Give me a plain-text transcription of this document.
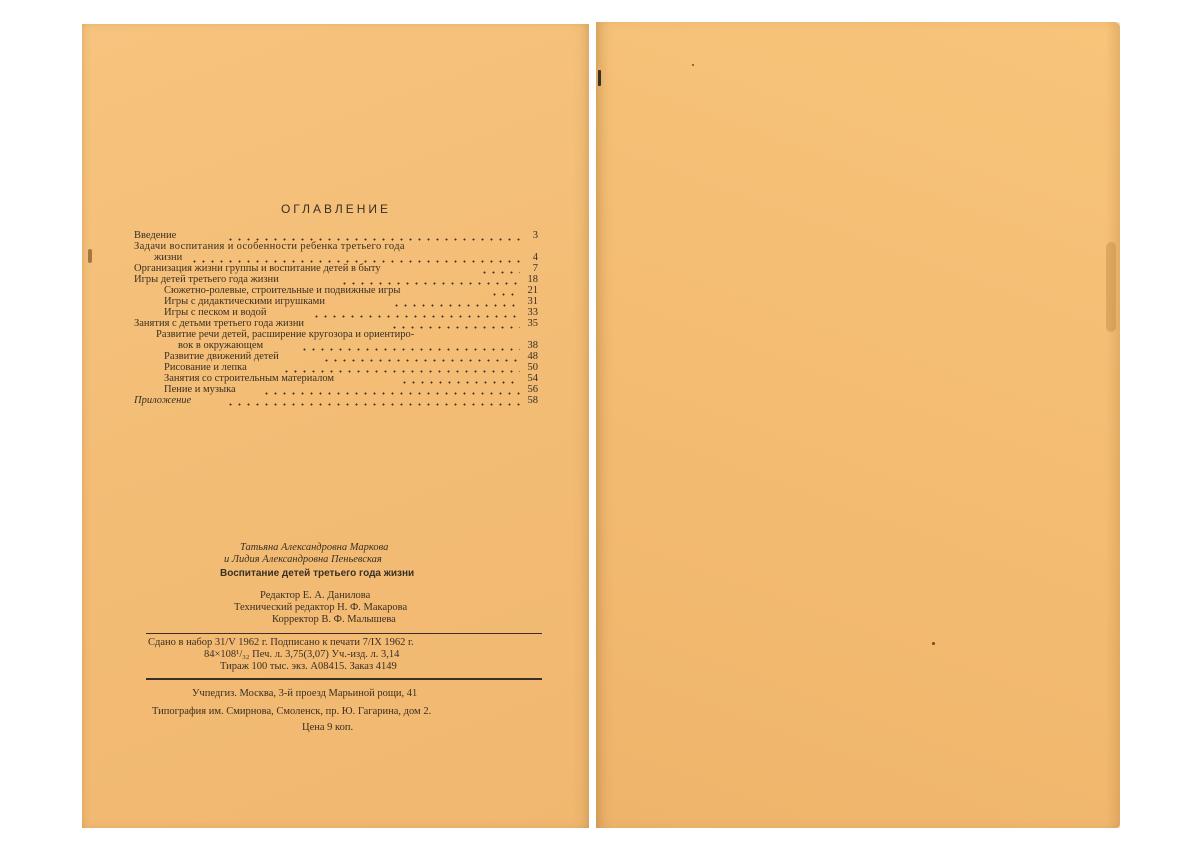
ОГЛАВЛЕНИЕ
Введение	3
Задачи воспитания и особенности ребенка третьего года
жизни	4
Организация жизни группы и воспитание детей в быту	7
Игры детей третьего года жизни	18
Сюжетно-ролевые, строительные и подвижные игры	21
Игры с дидактическими игрушками	31
Игры с песком и водой	33
Занятия с детьми третьего года жизни	35
Развитие речи детей, расширение кругозора и ориентиро-
вок в окружающем	38
Развитие движений детей	48
Рисование и лепка	50
Занятия со строительным материалом	54
Пение и музыка	56
Приложение	58
Татьяна Александровна Маркова
и Лидия Александровна Пеньевская
Воспитание детей третьего года жизни
Редактор Е. А. Данилова
Технический редактор Н. Ф. Макарова
Корректор В. Ф. Малышева
Сдано в набор 31/V 1962 г. Подписано к печати 7/IX 1962 г.
84×108¹/₃₂ Печ. л. 3,75(3,07) Уч.-изд. л. 3,14
Тираж 100 тыс. экз. А08415. Заказ 4149
Учпедгиз. Москва, 3-й проезд Марьиной рощи, 41
Типография им. Смирнова, Смоленск, пр. Ю. Гагарина, дом 2.
Цена 9 коп.
